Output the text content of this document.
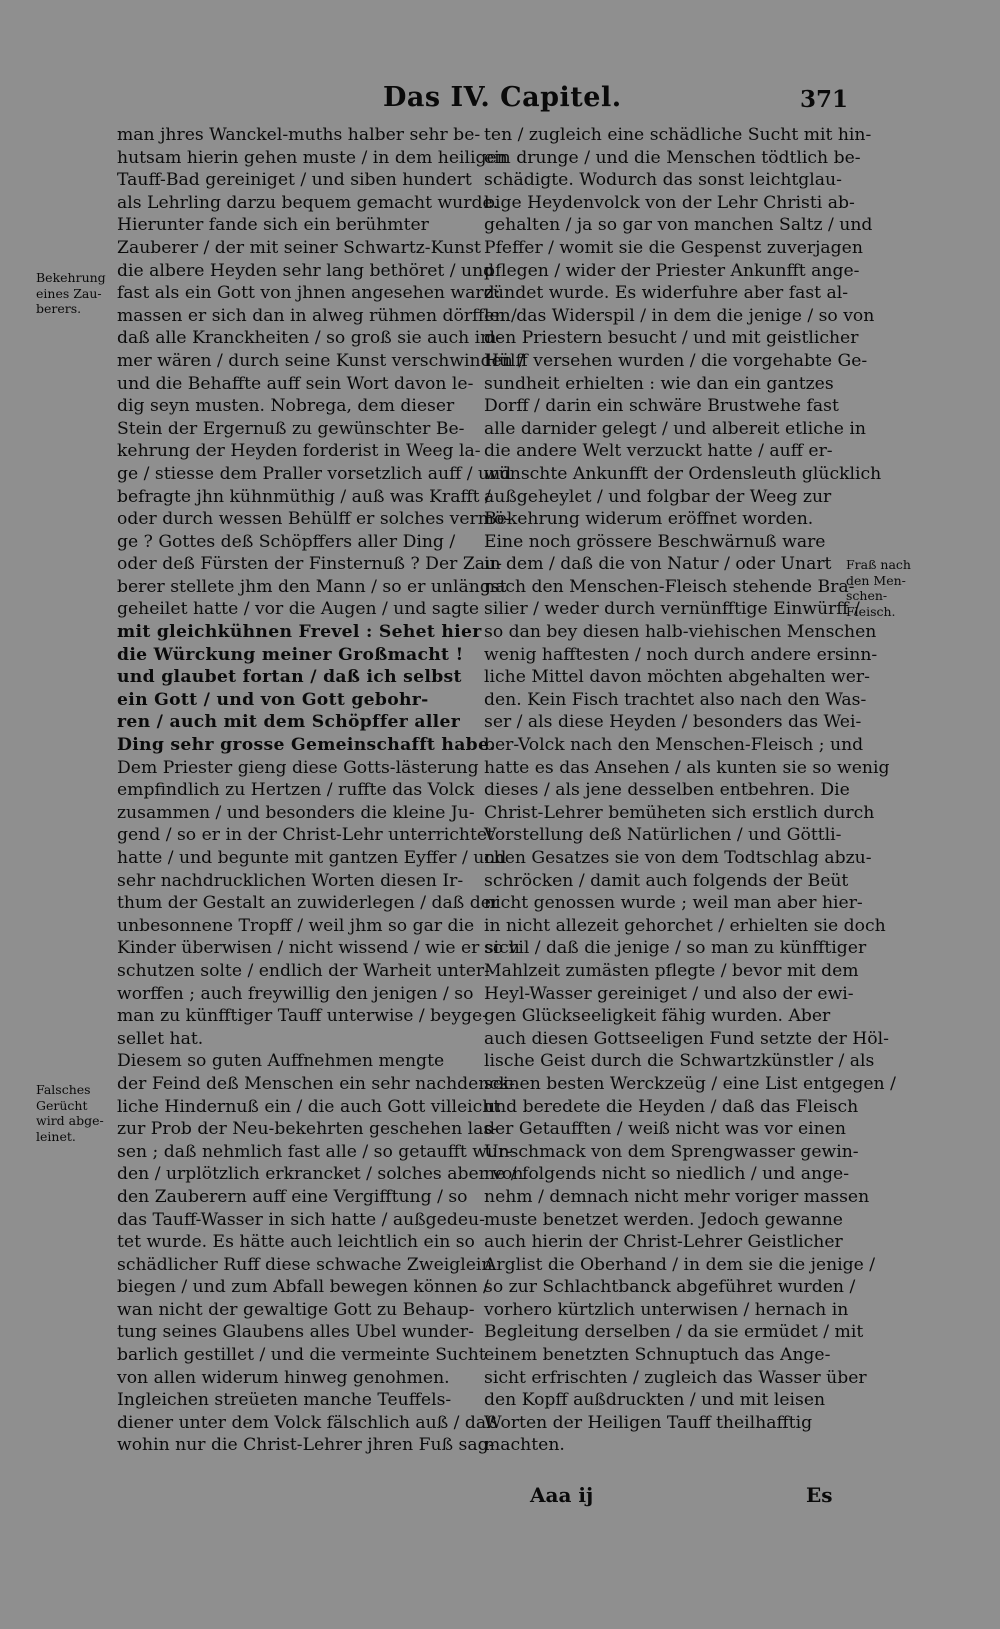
Das IV. Capitel.	371
man jhres Wanckel-muths halber sehr be-
hutsam hierin gehen muste / in dem heiligen
Tauff-Bad gereiniget / und siben hundert
als Lehrling darzu bequem gemacht wurde.
Hierunter fande sich ein berühmter
Zauberer / der mit seiner Schwartz-Kunst
die albere Heyden sehr lang bethöret / und
fast als ein Gott von jhnen angesehen ward:
massen er sich dan in alweg rühmen dörffen /
daß alle Kranckheiten / so groß sie auch im-
mer wären / durch seine Kunst verschwinden /
und die Behaffte auff sein Wort davon le-
dig seyn musten. Nobrega, dem dieser
Stein der Ergernuß zu gewünschter Be-
kehrung der Heyden forderist in Weeg la-
ge / stiesse dem Praller vorsetzlich auff / und
befragte jhn kühnmüthig / auß was Krafft /
oder durch wessen Behülff er solches vermö-
ge ? Gottes deß Schöpffers aller Ding /
oder deß Fürsten der Finsternuß ? Der Zau-
berer stellete jhm den Mann / so er unlängst
geheilet hatte / vor die Augen / und sagte
mit gleichkühnen Frevel : Sehet hier
die Würckung meiner Großmacht !
und glaubet fortan / daß ich selbst
ein Gott / und von Gott gebohr-
ren / auch mit dem Schöpffer aller
Ding sehr grosse Gemeinschafft habe.
Dem Priester gieng diese Gotts-lästerung
empfindlich zu Hertzen / ruffte das Volck
zusammen / und besonders die kleine Ju-
gend / so er in der Christ-Lehr unterrichtet
hatte / und begunte mit gantzen Eyffer / und
sehr nachdrucklichen Worten diesen Ir-
thum der Gestalt an zuwiderlegen / daß der
unbesonnene Tropff / weil jhm so gar die
Kinder überwisen / nicht wissend / wie er sich
schutzen solte / endlich der Warheit unter-
worffen ; auch freywillig den jenigen / so
man zu künfftiger Tauff unterwise / beyge-
sellet hat.
Diesem so guten Auffnehmen mengte
der Feind deß Menschen ein sehr nachdenck-
liche Hindernuß ein / die auch Gott villeicht
zur Prob der Neu-bekehrten geschehen las-
sen ; daß nehmlich fast alle / so getaufft wur-
den / urplötzlich erkrancket / solches aber von
den Zauberern auff eine Vergifftung / so
das Tauff-Wasser in sich hatte / außgedeu-
tet wurde. Es hätte auch leichtlich ein so
schädlicher Ruff diese schwache Zweiglein
biegen / und zum Abfall bewegen können /
wan nicht der gewaltige Gott zu Behaup-
tung seines Glaubens alles Ubel wunder-
barlich gestillet / und die vermeinte Sucht
von allen widerum hinweg genohmen.
Ingleichen streüeten manche Teuffels-
diener unter dem Volck fälschlich auß / daß
wohin nur die Christ-Lehrer jhren Fuß sag-
ten / zugleich eine schädliche Sucht mit hin-
ein drunge / und die Menschen tödtlich be-
schädigte. Wodurch das sonst leichtglau-
bige Heydenvolck von der Lehr Christi ab-
gehalten / ja so gar von manchen Saltz / und
Pfeffer / womit sie die Gespenst zuverjagen
pflegen / wider der Priester Ankunfft ange-
zündet wurde. Es widerfuhre aber fast al-
len das Widerspil / in dem die jenige / so von
den Priestern besucht / und mit geistlicher
Hülff versehen wurden / die vorgehabte Ge-
sundheit erhielten : wie dan ein gantzes
Dorff / darin ein schwäre Brustwehe fast
alle darnider gelegt / und albereit etliche in
die andere Welt verzuckt hatte / auff er-
wünschte Ankunfft der Ordensleuth glücklich
außgeheylet / und folgbar der Weeg zur
Bekehrung widerum eröffnet worden.
Eine noch grössere Beschwärnuß ware
in dem / daß die von Natur / oder Unart
nach den Menschen-Fleisch stehende Bra-
silier / weder durch vernünfftige Einwürff /
so dan bey diesen halb-viehischen Menschen
wenig hafftesten / noch durch andere ersinn-
liche Mittel davon möchten abgehalten wer-
den. Kein Fisch trachtet also nach den Was-
ser / als diese Heyden / besonders das Wei-
ber-Volck nach den Menschen-Fleisch ; und
hatte es das Ansehen / als kunten sie so wenig
dieses / als jene desselben entbehren. Die
Christ-Lehrer bemüheten sich erstlich durch
Vorstellung deß Natürlichen / und Göttli-
chen Gesatzes sie von dem Todtschlag abzu-
schröcken / damit auch folgends der Beüt
nicht genossen wurde ; weil man aber hier-
in nicht allezeit gehorchet / erhielten sie doch
so vil / daß die jenige / so man zu künfftiger
Mahlzeit zumästen pflegte / bevor mit dem
Heyl-Wasser gereiniget / und also der ewi-
gen Glückseeligkeit fähig wurden. Aber
auch diesen Gottseeligen Fund setzte der Höl-
lische Geist durch die Schwartzkünstler / als
seinen besten Werckzeüg / eine List entgegen /
und beredete die Heyden / daß das Fleisch
der Getaufften / weiß nicht was vor einen
Unschmack von dem Sprengwasser gewin-
ne / folgends nicht so niedlich / und ange-
nehm / demnach nicht mehr voriger massen
muste benetzet werden. Jedoch gewanne
auch hierin der Christ-Lehrer Geistlicher
Arglist die Oberhand / in dem sie die jenige /
so zur Schlachtbanck abgeführet wurden /
vorhero kürtzlich unterwisen / hernach in
Begleitung derselben / da sie ermüdet / mit
einem benetzten Schnuptuch das Ange-
sicht erfrischten / zugleich das Wasser über
den Kopff außdruckten / und mit leisen
Worten der Heiligen Tauff theilhafftig
machten.
Bekehrung
eines Zau-
berers.
Falsches
Gerücht
wird abge-
leinet.
Fraß nach
den Men-
schen-
Fleisch.
Aaa ij	Es
